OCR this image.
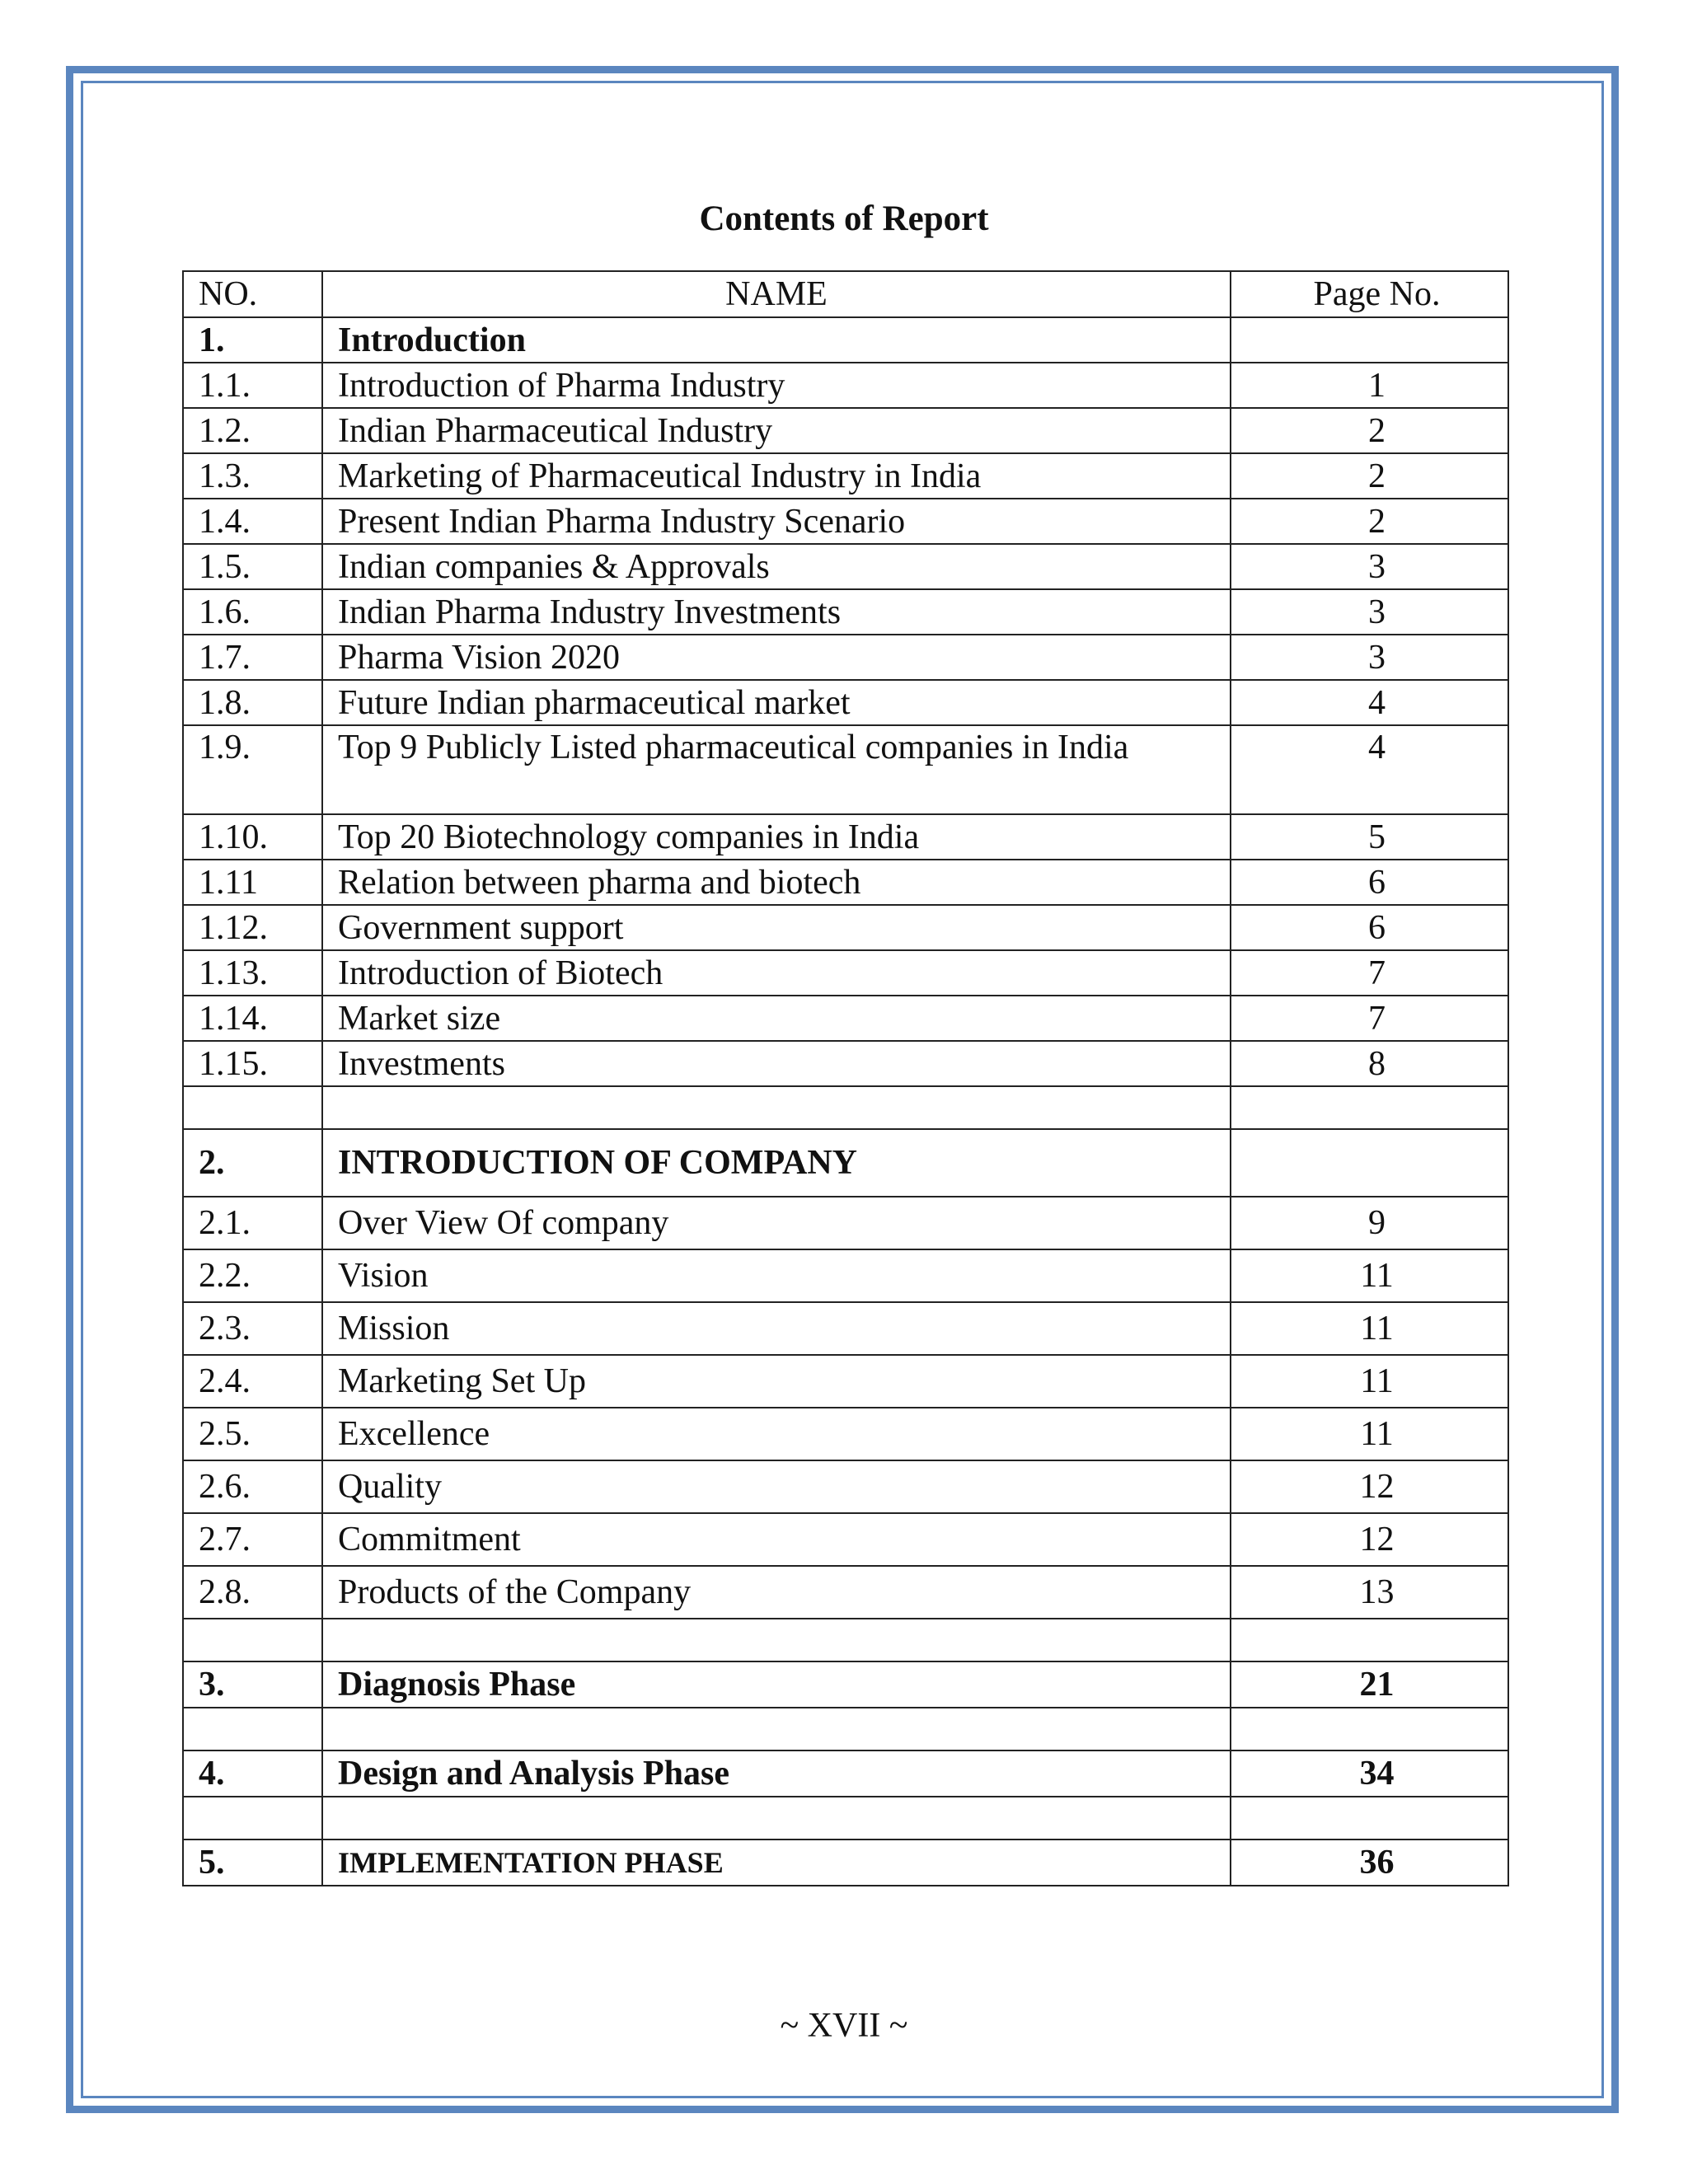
Contents of Report
NO.	NAME	Page No.
1.	Introduction	
1.1.	Introduction of Pharma Industry	1
1.2.	Indian Pharmaceutical Industry	2
1.3.	Marketing of Pharmaceutical Industry in India	2
1.4.	Present Indian Pharma Industry Scenario	2
1.5.	Indian companies & Approvals	3
1.6.	Indian Pharma Industry Investments	3
1.7.	Pharma Vision 2020	3
1.8.	Future Indian pharmaceutical market	4
1.9.	Top 9 Publicly Listed pharmaceutical companies in India	4
1.10.	Top 20 Biotechnology companies in India	5
1.11	Relation between pharma and biotech	6
1.12.	Government support	6
1.13.	Introduction of Biotech	7
1.14.	Market size	7
1.15.	Investments	8

2.	INTRODUCTION OF COMPANY	
2.1.	Over View Of company	9
2.2.	Vision	11
2.3.	Mission	11
2.4.	Marketing Set Up	11
2.5.	Excellence	11
2.6.	Quality	12
2.7.	Commitment	12
2.8.	Products of the Company	13

3.	Diagnosis Phase	21

4.	Design and Analysis Phase	34

5.	IMPLEMENTATION PHASE	36
~ XVII ~
